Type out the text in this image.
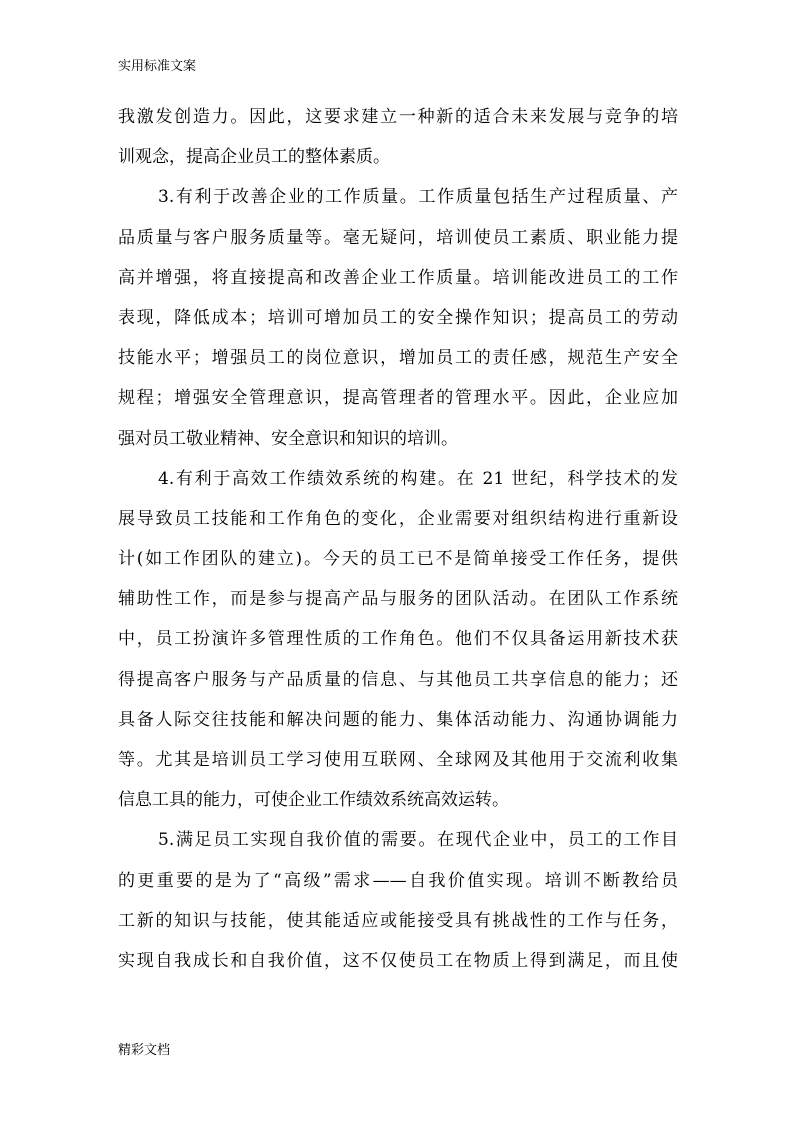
实用标准文案
我激发创造力。因此，这要求建立一种新的适合未来发展与竞争的培
训观念，提高企业员工的整体素质。
3.有利于改善企业的工作质量。工作质量包括生产过程质量、产
品质量与客户服务质量等。毫无疑问，培训使员工素质、职业能力提
高并增强，将直接提高和改善企业工作质量。培训能改进员工的工作
表现，降低成本；培训可增加员工的安全操作知识；提高员工的劳动
技能水平；增强员工的岗位意识，增加员工的责任感，规范生产安全
规程；增强安全管理意识，提高管理者的管理水平。因此，企业应加
强对员工敬业精神、安全意识和知识的培训。
4.有利于高效工作绩效系统的构建。在 21 世纪，科学技术的发
展导致员工技能和工作角色的变化，企业需要对组织结构进行重新设
计(如工作团队的建立)。今天的员工已不是简单接受工作任务，提供
辅助性工作，而是参与提高产品与服务的团队活动。在团队工作系统
中，员工扮演许多管理性质的工作角色。他们不仅具备运用新技术获
得提高客户服务与产品质量的信息、与其他员工共享信息的能力；还
具备人际交往技能和解决问题的能力、集体活动能力、沟通协调能力
等。尤其是培训员工学习使用互联网、全球网及其他用于交流利收集
信息工具的能力，可使企业工作绩效系统高效运转。
5.满足员工实现自我价值的需要。在现代企业中，员工的工作目
的更重要的是为了“高级”需求——自我价值实现。培训不断教给员
工新的知识与技能，使其能适应或能接受具有挑战性的工作与任务，
实现自我成长和自我价值，这不仅使员工在物质上得到满足，而且使
精彩文档
